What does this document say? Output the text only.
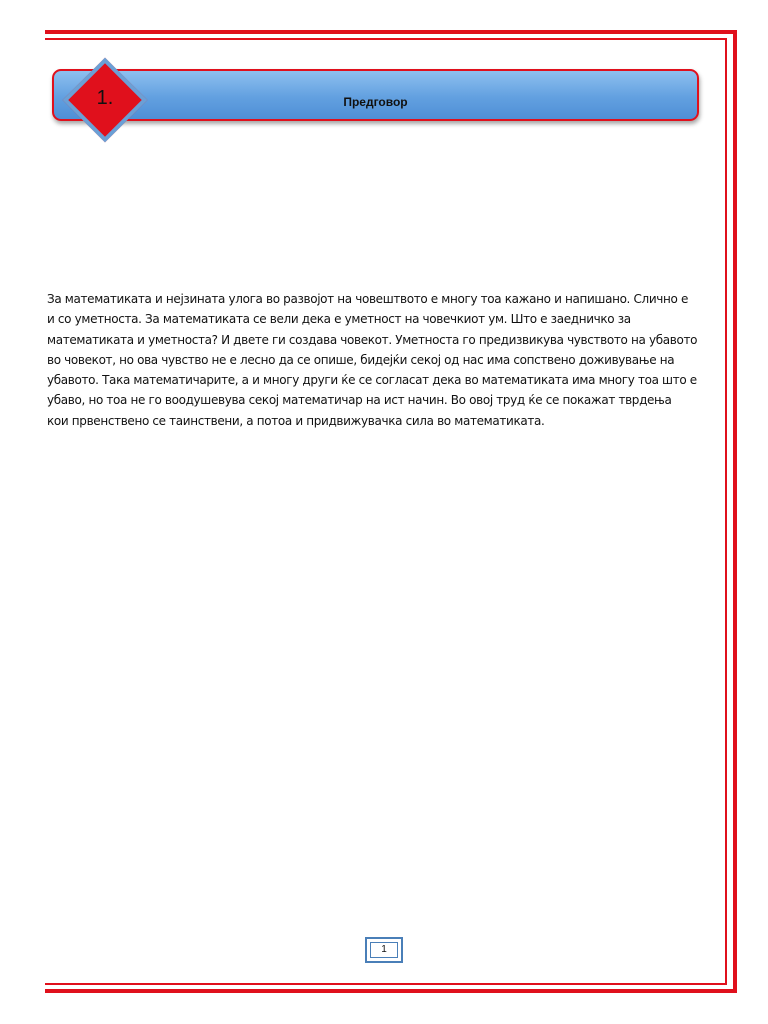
Предговор
1.

За математиката и нејзината улога во развојот на човештвото е многу тоа кажано и напишано. Слично е

и со уметноста. За математиката се вели дека е уметност на човечкиот ум. Што е заедничко за

математиката и уметноста? И двете ги создава човекот. Уметноста го предизвикува чувството на убавото

во човекот, но ова чувство не е лесно да се опише, бидејќи секој од нас има сопствено доживување на

убавото. Така математичарите, а и многу други ќе се согласат дека во математиката има многу тоа што е

убаво, но тоа не го воодушевува секој математичар на ист начин. Во овој труд ќе се покажат тврдења

кои првенствено се таинствени, а потоа и придвижувачка сила во математиката.

1
